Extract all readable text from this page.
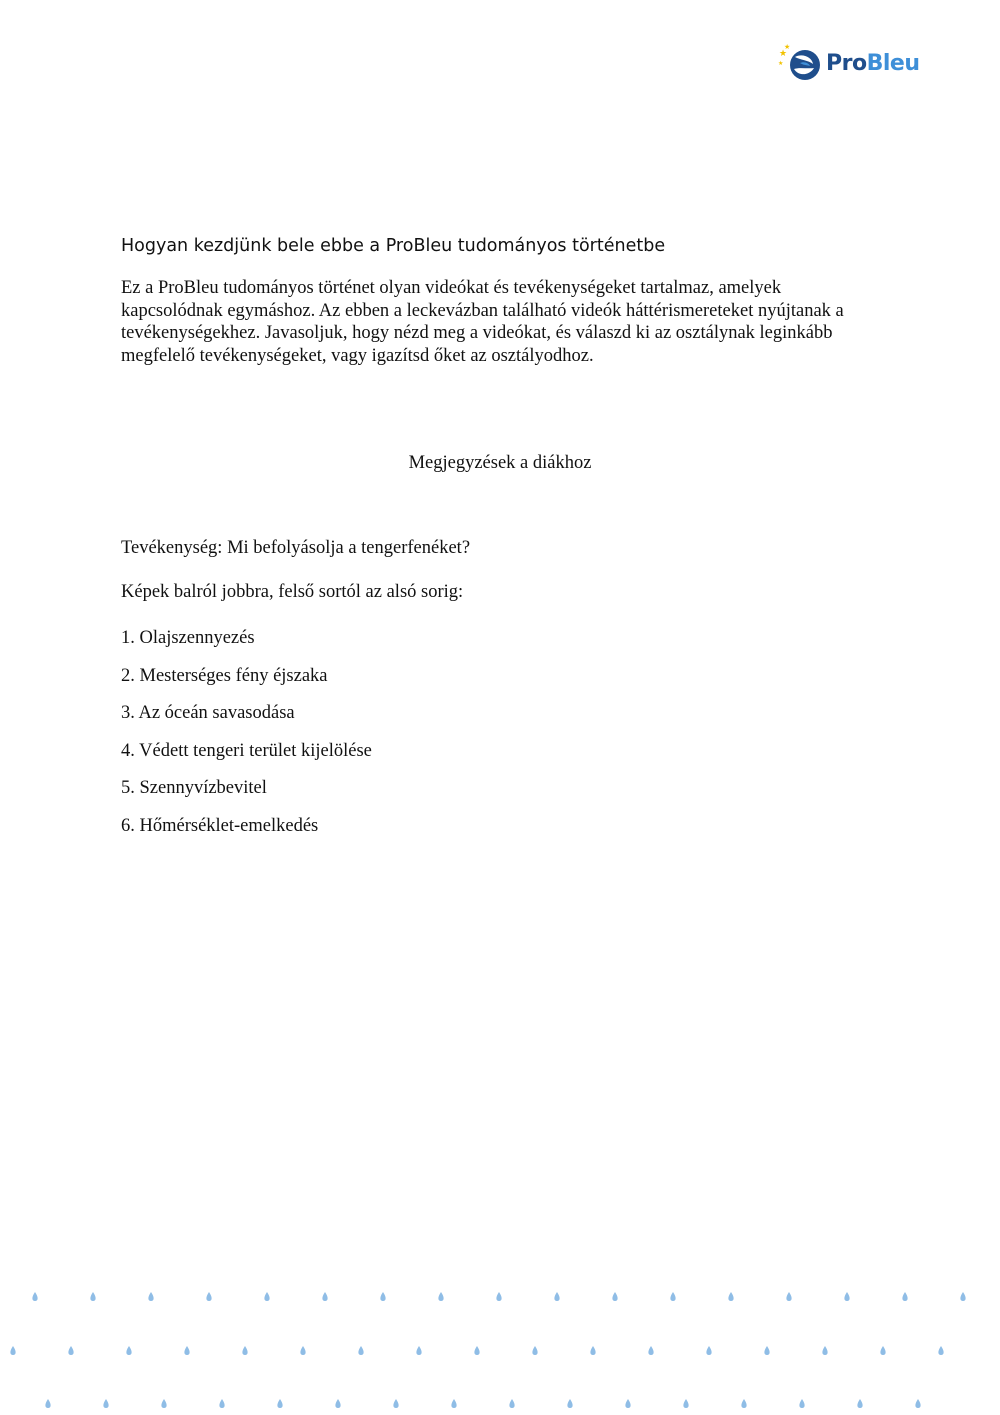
★
★
★ ProBleu
Hogyan kezdjünk bele ebbe a ProBleu tudományos történetbe

Ez a ProBleu tudományos történet olyan videókat és tevékenységeket tartalmaz, amelyek kapcsolódnak egymáshoz. Az ebben a leckevázban található videók háttérismereteket nyújtanak a tevékenységekhez. Javasoljuk, hogy nézd meg a videókat, és válaszd ki az osztálynak leginkább megfelelő tevékenységeket, vagy igazítsd őket az osztályodhoz.

Megjegyzések a diákhoz

Tevékenység: Mi befolyásolja a tengerfenéket?

Képek balról jobbra, felső sortól az alsó sorig:

1. Olajszennyezés
2. Mesterséges fény éjszaka
3. Az óceán savasodása
4. Védett tengeri terület kijelölése
5. Szennyvízbevitel
6. Hőmérséklet-emelkedés
